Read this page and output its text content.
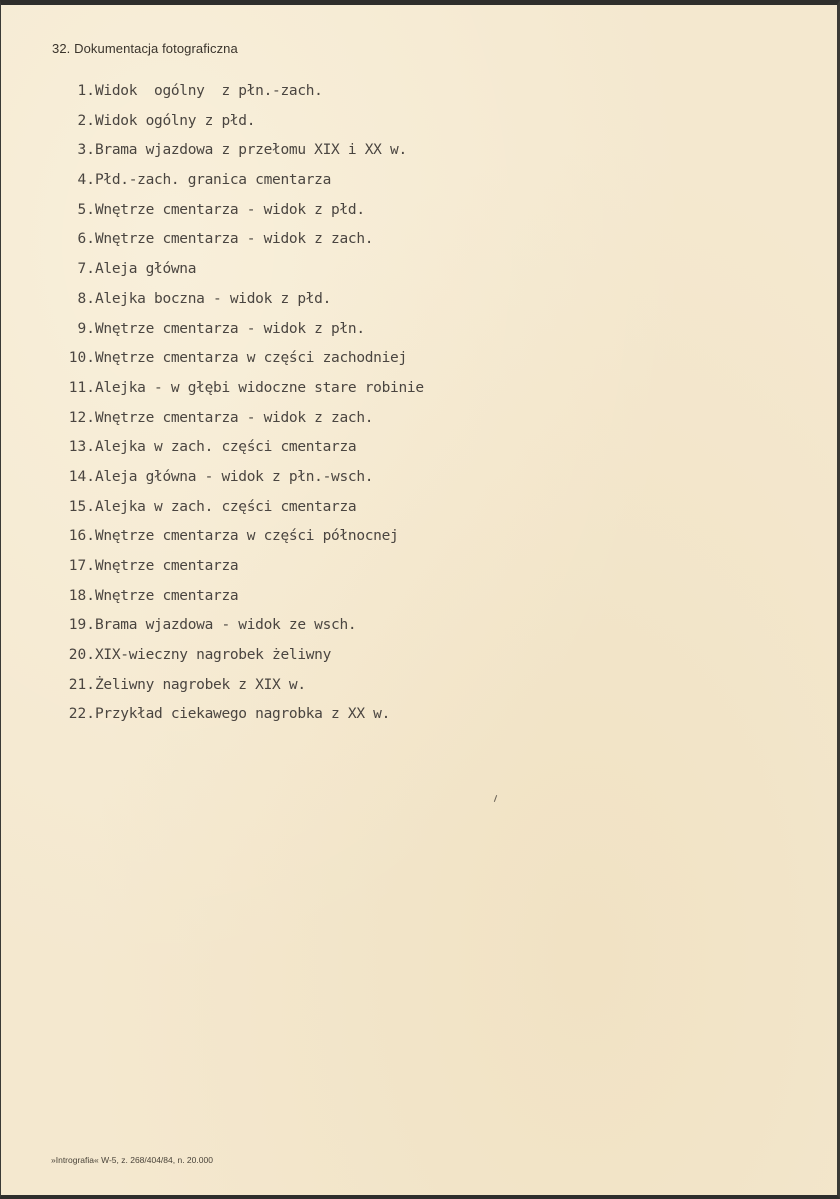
32. Dokumentacja fotograficzna
1. Widok  ogólny  z płn.-zach.
2. Widok ogólny z płd.
3. Brama wjazdowa z przełomu XIX i XX w.
4. Płd.-zach. granica cmentarza
5. Wnętrze cmentarza - widok z płd.
6. Wnętrze cmentarza - widok z zach.
7. Aleja główna
8. Alejka boczna - widok z płd.
9. Wnętrze cmentarza - widok z płn.
10. Wnętrze cmentarza w części zachodniej
11. Alejka - w głębi widoczne stare robinie
12. Wnętrze cmentarza - widok z zach.
13. Alejka w zach. części cmentarza
14. Aleja główna - widok z płn.-wsch.
15. Alejka w zach. części cmentarza
16. Wnętrze cmentarza w części północnej
17. Wnętrze cmentarza
18. Wnętrze cmentarza
19. Brama wjazdowa - widok ze wsch.
20. XIX-wieczny nagrobek żeliwny
21. Żeliwny nagrobek z XIX w.
22. Przykład ciekawego nagrobka z XX w.
»Intrografia« W-5, z. 268/404/84, n. 20.000
